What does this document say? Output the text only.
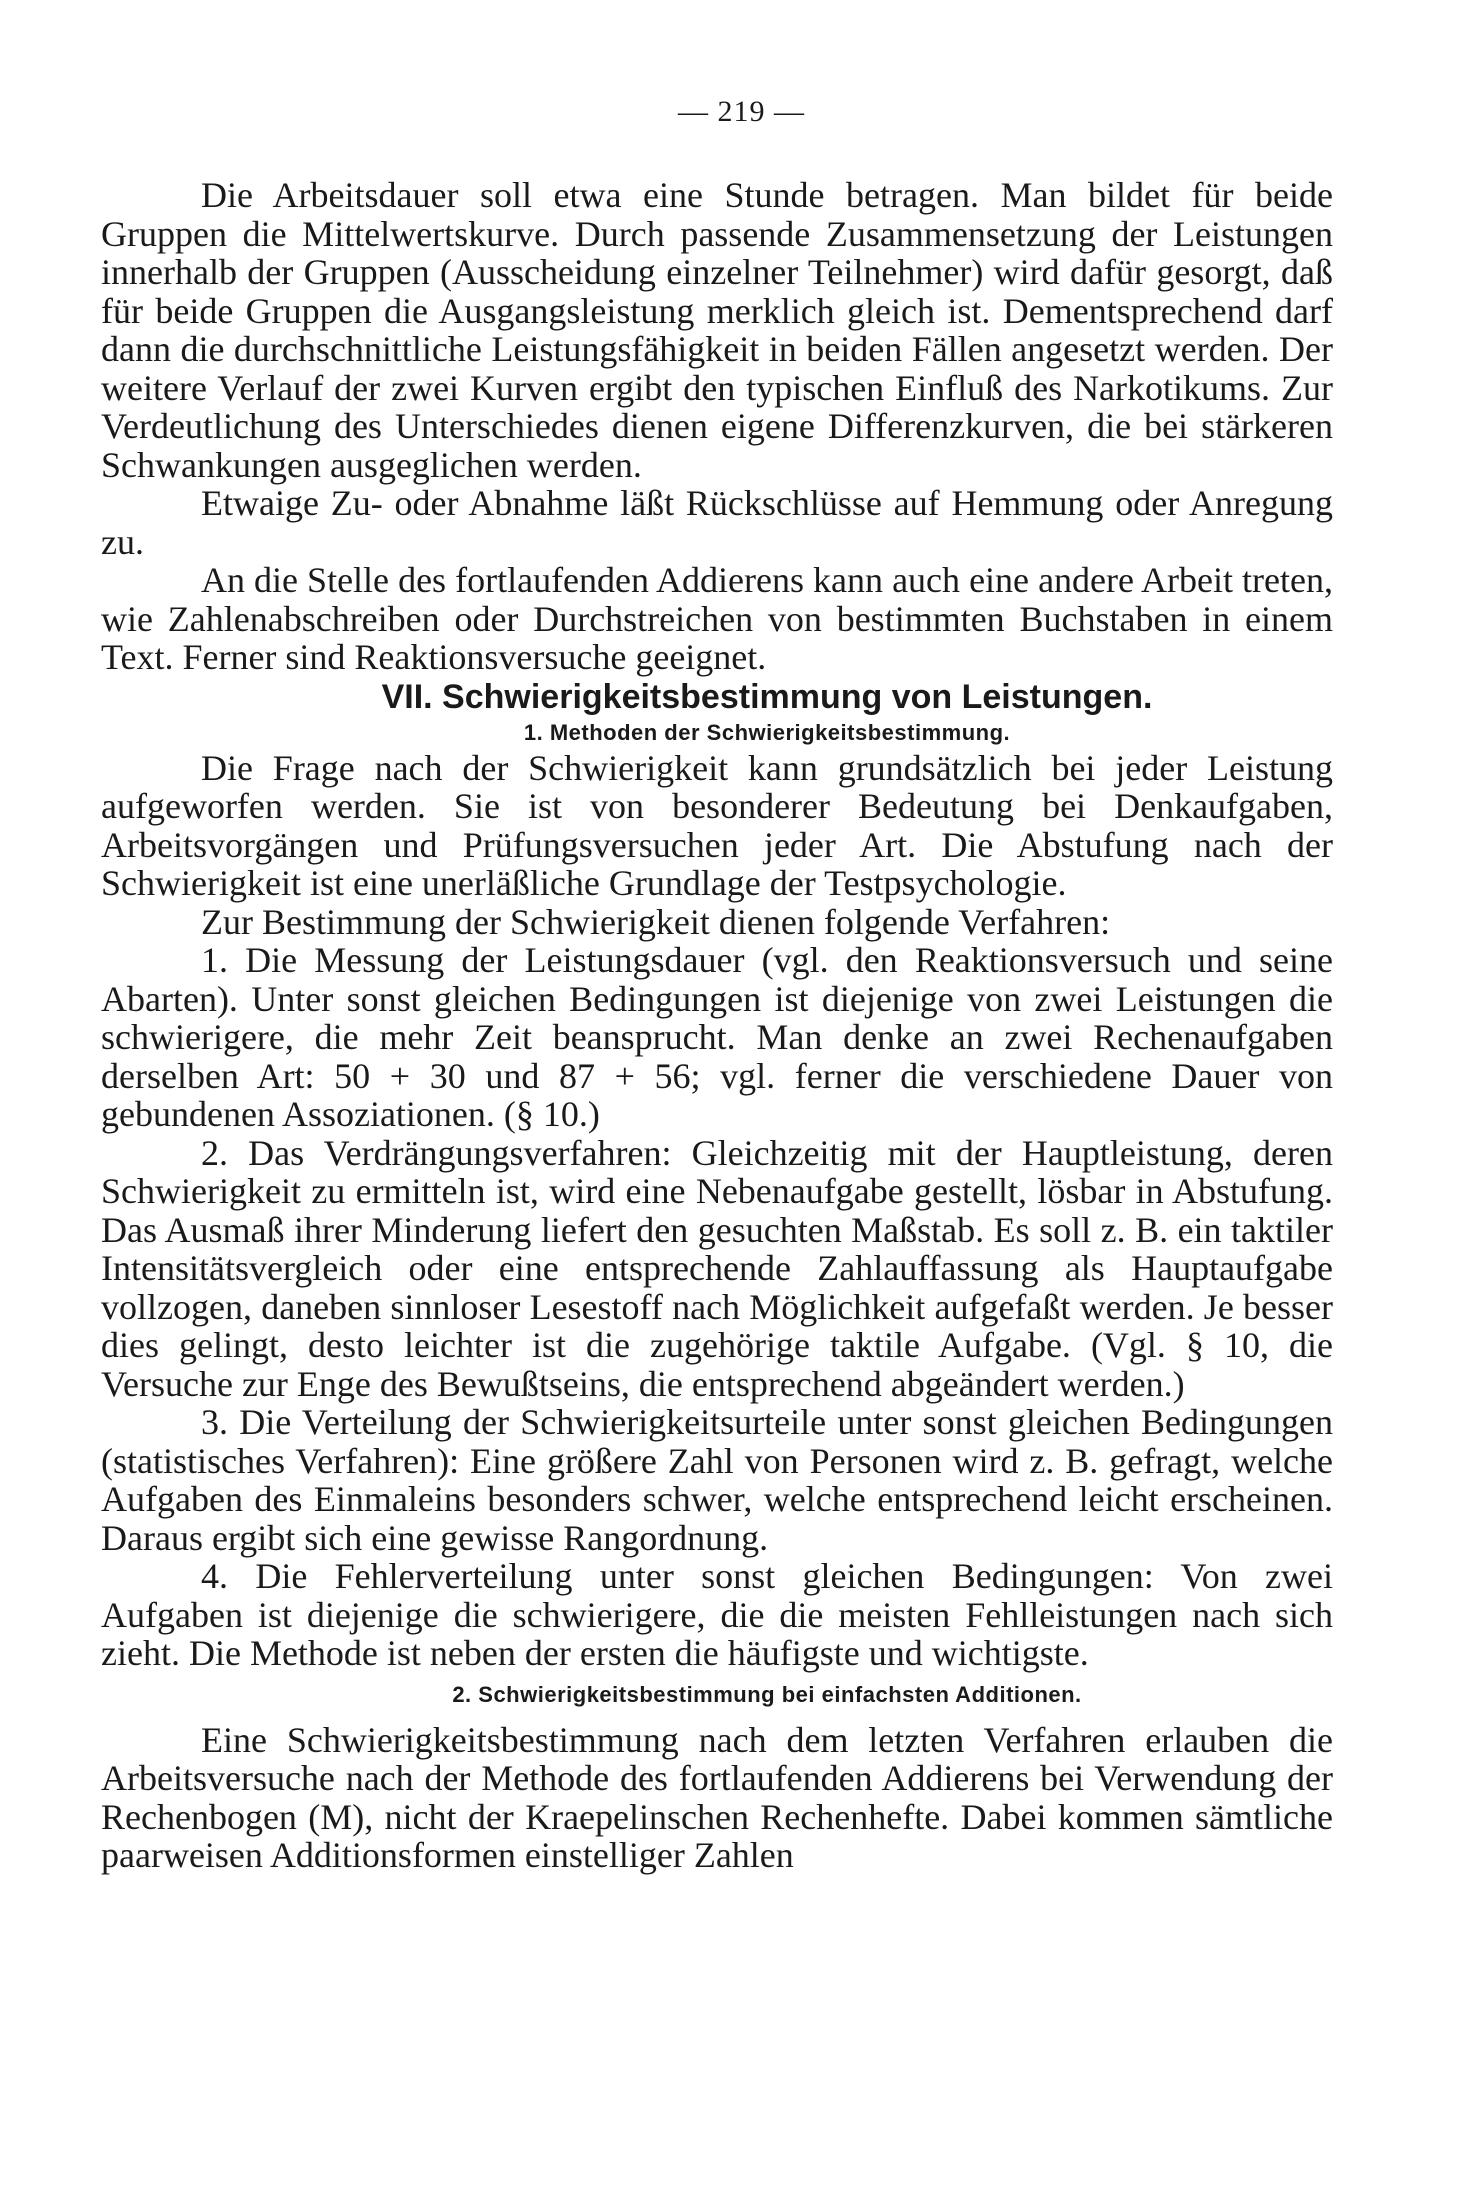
— 219 —

Die Arbeitsdauer soll etwa eine Stunde betragen. Man bildet für beide Gruppen die Mittelwertskurve. Durch passende Zusammensetzung der Leistungen innerhalb der Gruppen (Ausscheidung einzelner Teilnehmer) wird dafür gesorgt, daß für beide Gruppen die Ausgangsleistung merklich gleich ist. Dementsprechend darf dann die durchschnittliche Leistungsfähigkeit in beiden Fällen angesetzt werden. Der weitere Verlauf der zwei Kurven ergibt den typischen Einfluß des Narkotikums. Zur Verdeutlichung des Unterschiedes dienen eigene Differenzkurven, die bei stärkeren Schwankungen ausgeglichen werden.

Etwaige Zu- oder Abnahme läßt Rückschlüsse auf Hemmung oder Anregung zu.

An die Stelle des fortlaufenden Addierens kann auch eine andere Arbeit treten, wie Zahlenabschreiben oder Durchstreichen von bestimmten Buchstaben in einem Text. Ferner sind Reaktionsversuche geeignet.

VII. Schwierigkeitsbestimmung von Leistungen.

1. Methoden der Schwierigkeitsbestimmung.

Die Frage nach der Schwierigkeit kann grundsätzlich bei jeder Leistung aufgeworfen werden. Sie ist von besonderer Bedeutung bei Denkaufgaben, Arbeitsvorgängen und Prüfungsversuchen jeder Art. Die Abstufung nach der Schwierigkeit ist eine unerläßliche Grundlage der Testpsychologie.

Zur Bestimmung der Schwierigkeit dienen folgende Verfahren:

1. Die Messung der Leistungsdauer (vgl. den Reaktionsversuch und seine Abarten). Unter sonst gleichen Bedingungen ist diejenige von zwei Leistungen die schwierigere, die mehr Zeit beansprucht. Man denke an zwei Rechenaufgaben derselben Art: 50 + 30 und 87 + 56; vgl. ferner die verschiedene Dauer von gebundenen Assoziationen. (§ 10.)

2. Das Verdrängungsverfahren: Gleichzeitig mit der Hauptleistung, deren Schwierigkeit zu ermitteln ist, wird eine Nebenaufgabe gestellt, lösbar in Abstufung. Das Ausmaß ihrer Minderung liefert den gesuchten Maßstab. Es soll z. B. ein taktiler Intensitätsvergleich oder eine entsprechende Zahlauffassung als Hauptaufgabe vollzogen, daneben sinnloser Lesestoff nach Möglichkeit aufgefaßt werden. Je besser dies gelingt, desto leichter ist die zugehörige taktile Aufgabe. (Vgl. § 10, die Versuche zur Enge des Bewußtseins, die entsprechend abgeändert werden.)

3. Die Verteilung der Schwierigkeitsurteile unter sonst gleichen Bedingungen (statistisches Verfahren): Eine größere Zahl von Personen wird z. B. gefragt, welche Aufgaben des Einmaleins besonders schwer, welche entsprechend leicht erscheinen. Daraus ergibt sich eine gewisse Rangordnung.

4. Die Fehlerverteilung unter sonst gleichen Bedingungen: Von zwei Aufgaben ist diejenige die schwierigere, die die meisten Fehlleistungen nach sich zieht. Die Methode ist neben der ersten die häufigste und wichtigste.

2. Schwierigkeitsbestimmung bei einfachsten Additionen.

Eine Schwierigkeitsbestimmung nach dem letzten Verfahren erlauben die Arbeitsversuche nach der Methode des fortlaufenden Addierens bei Verwendung der Rechenbogen (M), nicht der Kraepelinschen Rechenhefte. Dabei kommen sämtliche paarweisen Additionsformen einstelliger Zahlen
